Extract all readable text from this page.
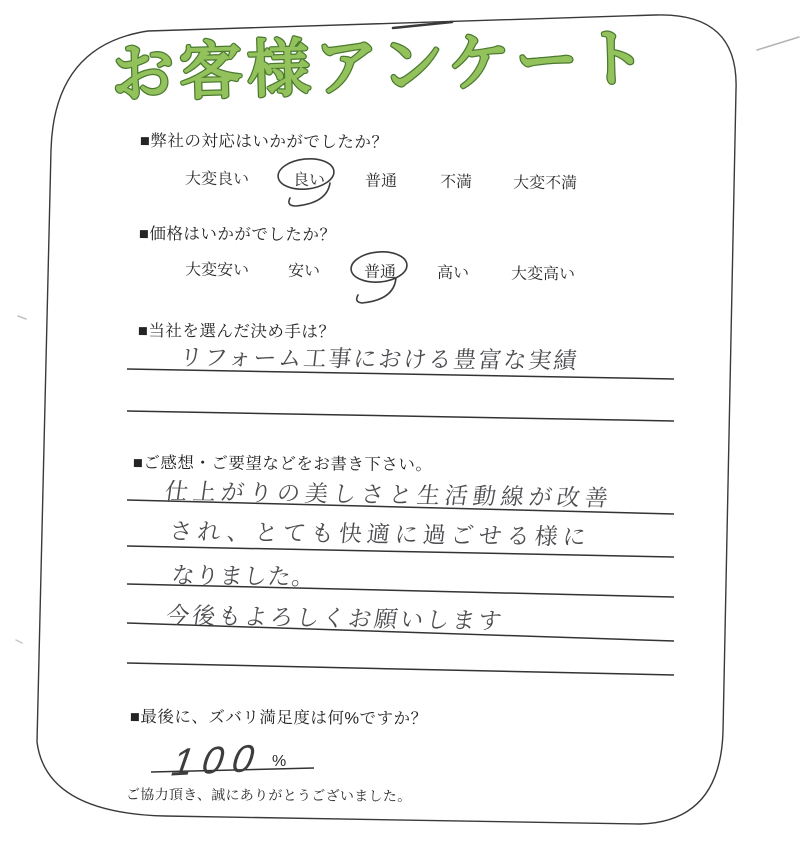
お客様アンケート
■弊社の対応はいかがでしたか？
大変良い	良い 普通	不満	大変不満
■価格はいかがでしたか？
大変安い 安い	普通	高い	大変高い
■当社を選んだ決め手は？
リフォーム工事における豊富な実績
■ご感想・ご要望などをお書き下さい。
仕上がりの美しさと生活動線が改善
され、とても快適に過ごせる様に
なりました。
今後もよろしくお願いします
■最後に、ズバリ満足度は何%ですか？
100 %
ご協力頂き、誠にありがとうございました。
